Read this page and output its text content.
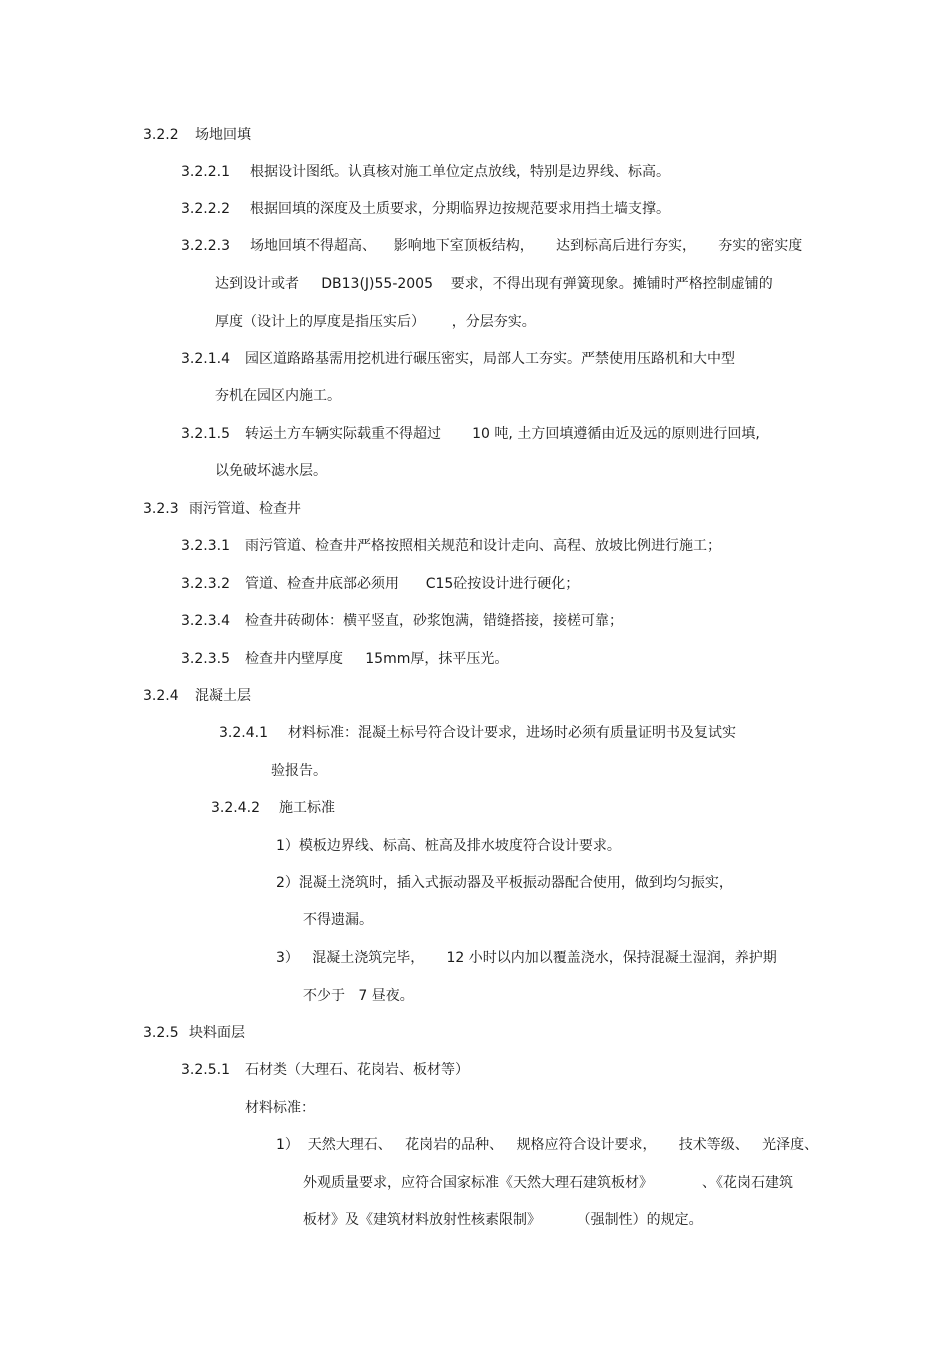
3.2.2 场地回填
3.2.2.1 根据设计图纸。认真核对施工单位定点放线，特别是边界线、标高。
3.2.2.2 根据回填的深度及土质要求，分期临界边按规范要求用挡土墙支撑。
3.2.2.3 场地回填不得超高、    影响地下室顶板结构，     达到标高后进行夯实，     夯实的密实度
达到设计或者     DB13(J)55-2005    要求，不得出现有弹簧现象。摊铺时严格控制虚铺的
厚度（设计上的厚度是指压实后）      ，分层夯实。
3.2.1.4 园区道路路基需用挖机进行碾压密实，局部人工夯实。严禁使用压路机和大中型
夯机在园区内施工。
3.2.1.5 转运土方车辆实际载重不得超过       10 吨, 土方回填遵循由近及远的原则进行回填,
以免破坏滤水层。
3.2.3 雨污管道、检查井
3.2.3.1 雨污管道、检查井严格按照相关规范和设计走向、高程、放坡比例进行施工；
3.2.3.2 管道、检查井底部必须用      C15砼按设计进行硬化；
3.2.3.4 检查井砖砌体：横平竖直，砂浆饱满，错缝搭接，接槎可靠；
3.2.3.5 检查井内壁厚度     15mm厚，抹平压光。
3.2.4 混凝土层
3.2.4.1 材料标准：混凝土标号符合设计要求，进场时必须有质量证明书及复试实
验报告。
3.2.4.2 施工标准
1）模板边界线、标高、桩高及排水坡度符合设计要求。
2）混凝土浇筑时，插入式振动器及平板振动器配合使用，做到均匀振实，
不得遗漏。
3）   混凝土浇筑完毕，     12 小时以内加以覆盖浇水，保持混凝土湿润，养护期
不少于   7 昼夜。
3.2.5 块料面层
3.2.5.1 石材类（大理石、花岗岩、板材等）
材料标准：
1）  天然大理石、   花岗岩的品种、   规格应符合设计要求，     技术等级、   光泽度、
外观质量要求，应符合国家标准《天然大理石建筑板材》           、《花岗石建筑
板材》及《建筑材料放射性核素限制》        （强制性）的规定。
